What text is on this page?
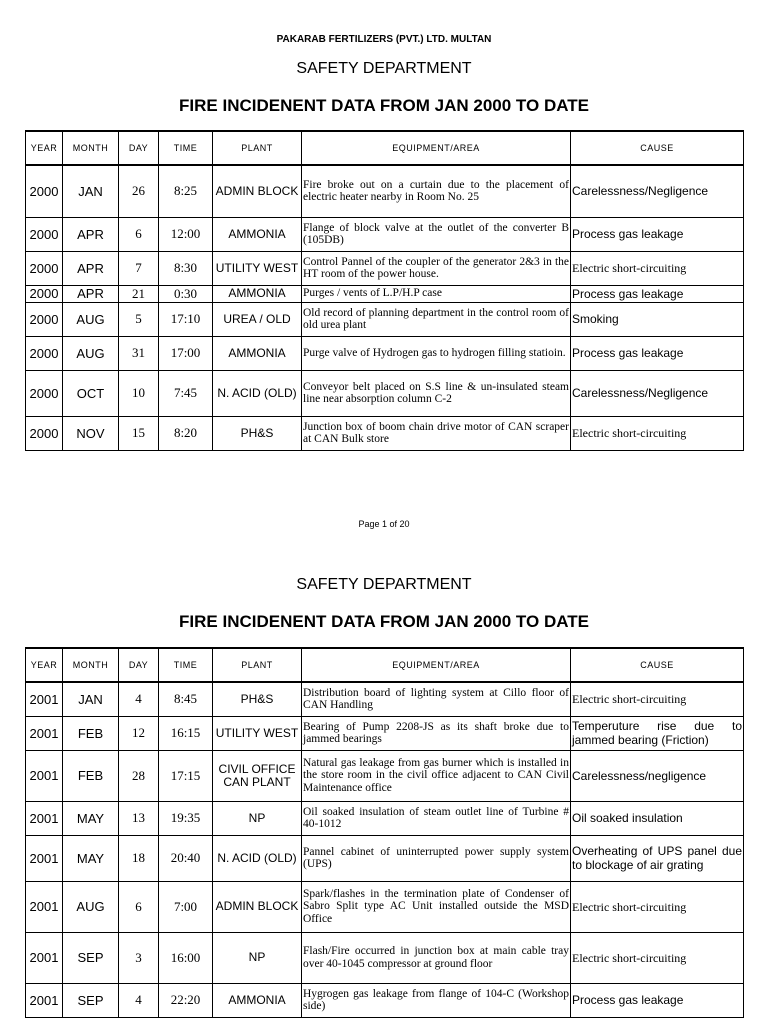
PAKARAB FERTILIZERS (PVT.) LTD. MULTAN
SAFETY DEPARTMENT
FIRE INCIDENENT DATA FROM JAN 2000 TO DATE
YEAR	MONTH	DAY	TIME	PLANT	EQUIPMENT/AREA	CAUSE
2000	JAN	26	8:25	ADMIN BLOCK	Fire broke out on a curtain due to the placement of electric heater nearby in Room No. 25	Carelessness/Negligence
2000	APR	6	12:00	AMMONIA	Flange of block valve at the outlet of the converter B (105DB)	Process gas leakage
2000	APR	7	8:30	UTILITY WEST	Control Pannel of the coupler of the generator 2&3 in the HT room of the power house.	Electric short-circuiting
2000	APR	21	0:30	AMMONIA	Purges / vents of L.P/H.P case	Process gas leakage
2000	AUG	5	17:10	UREA / OLD	Old record of planning department in the control room of old urea plant	Smoking
2000	AUG	31	17:00	AMMONIA	Purge valve of Hydrogen gas to hydrogen filling statioin.	Process gas leakage
2000	OCT	10	7:45	N. ACID (OLD)	Conveyor belt placed on S.S line & un-insulated steam line near absorption column C-2	Carelessness/Negligence
2000	NOV	15	8:20	PH&S	Junction box of boom chain drive motor of CAN scraper at CAN Bulk store	Electric short-circuiting
Page 1 of 20
SAFETY DEPARTMENT
FIRE INCIDENENT DATA FROM JAN 2000 TO DATE
YEAR	MONTH	DAY	TIME	PLANT	EQUIPMENT/AREA	CAUSE
2001	JAN	4	8:45	PH&S	Distribution board of lighting system at Cillo floor of CAN Handling	Electric short-circuiting
2001	FEB	12	16:15	UTILITY WEST	Bearing of Pump 2208-JS as its shaft broke due to jammed bearings	Temperuture rise due to jammed bearing (Friction)
2001	FEB	28	17:15	CIVIL OFFICE CAN PLANT	Natural gas leakage from gas burner which is installed in the store room in the civil office adjacent to CAN Civil Maintenance office	Carelessness/negligence
2001	MAY	13	19:35	NP	Oil soaked insulation of steam outlet line of Turbine # 40-1012	Oil soaked insulation
2001	MAY	18	20:40	N. ACID (OLD)	Pannel cabinet of uninterrupted power supply system (UPS)	Overheating of UPS panel due to blockage of air grating
2001	AUG	6	7:00	ADMIN BLOCK	Spark/flashes in the termination plate of Condenser of Sabro Split type AC Unit installed outside the MSD Office	Electric short-circuiting
2001	SEP	3	16:00	NP	Flash/Fire occurred in junction box at main cable tray over 40-1045 compressor at ground floor	Electric short-circuiting
2001	SEP	4	22:20	AMMONIA	Hygrogen gas leakage from flange of 104-C (Workshop side)	Process gas leakage
